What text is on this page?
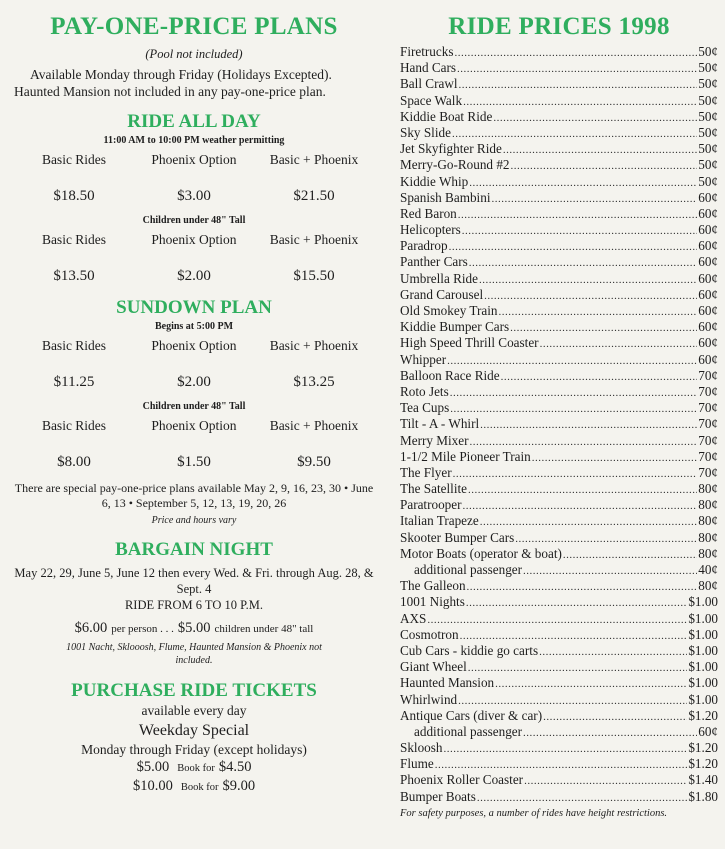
PAY-ONE-PRICE PLANS
(Pool not included)
Available Monday through Friday (Holidays Excepted). Haunted Mansion not included in any pay-one-price plan.
RIDE ALL DAY
11:00 AM to 10:00 PM weather permitting
Basic Rides	Phoenix Option	Basic + Phoenix
$18.50	$3.00	$21.50
Children under 48" Tall
Basic Rides	Phoenix Option	Basic + Phoenix
$13.50	$2.00	$15.50
SUNDOWN PLAN
Begins at 5:00 PM
Basic Rides	Phoenix Option	Basic + Phoenix
$11.25	$2.00	$13.25
Children under 48" Tall
Basic Rides	Phoenix Option	Basic + Phoenix
$8.00	$1.50	$9.50
There are special pay-one-price plans available May 2, 9, 16, 23, 30 • June 6, 13 • September 5, 12, 13, 19, 20, 26
Price and hours vary
BARGAIN NIGHT
May 22, 29, June 5, June 12 then every Wed. & Fri. through Aug. 28, & Sept. 4
RIDE FROM 6 TO 10 P.M.
$6.00 per person . . . $5.00 children under 48" tall
1001 Nacht, Sklooosh, Flume, Haunted Mansion & Phoenix not included.
PURCHASE RIDE TICKETS
available every day
Weekday Special
Monday through Friday (except holidays)
$5.00 Book for $4.50
$10.00 Book for $9.00
RIDE PRICES 1998
Firetrucks .....	50¢
Hand Cars .....	50¢
Ball Crawl .....	50¢
Space Walk .....	50¢
Kiddie Boat Ride .....	50¢
Sky Slide .....	50¢
Jet Skyfighter Ride .....	50¢
Merry-Go-Round #2 .....	50¢
Kiddie Whip .....	50¢
Spanish Bambini .....	60¢
Red Baron .....	60¢
Helicopters .....	60¢
Paradrop .....	60¢
Panther Cars .....	60¢
Umbrella Ride .....	60¢
Grand Carousel .....	60¢
Old Smokey Train .....	60¢
Kiddie Bumper Cars .....	60¢
High Speed Thrill Coaster .....	60¢
Whipper .....	60¢
Balloon Race Ride .....	70¢
Roto Jets .....	70¢
Tea Cups .....	70¢
Tilt - A - Whirl .....	70¢
Merry Mixer .....	70¢
1-1/2 Mile Pioneer Train .....	70¢
The Flyer .....	70¢
The Satellite .....	80¢
Paratrooper .....	80¢
Italian Trapeze .....	80¢
Skooter Bumper Cars .....	80¢
Motor Boats (operator & boat) .....	80¢
additional passenger .....	40¢
The Galleon .....	80¢
1001 Nights .....	$1.00
AXS .....	$1.00
Cosmotron .....	$1.00
Cub Cars - kiddie go carts .....	$1.00
Giant Wheel .....	$1.00
Haunted Mansion .....	$1.00
Whirlwind .....	$1.00
Antique Cars (diver & car) .....	$1.20
additional passenger .....	60¢
Skloosh .....	$1.20
Flume .....	$1.20
Phoenix Roller Coaster .....	$1.40
Bumper Boats .....	$1.80
For safety purposes, a number of rides have height restrictions.
